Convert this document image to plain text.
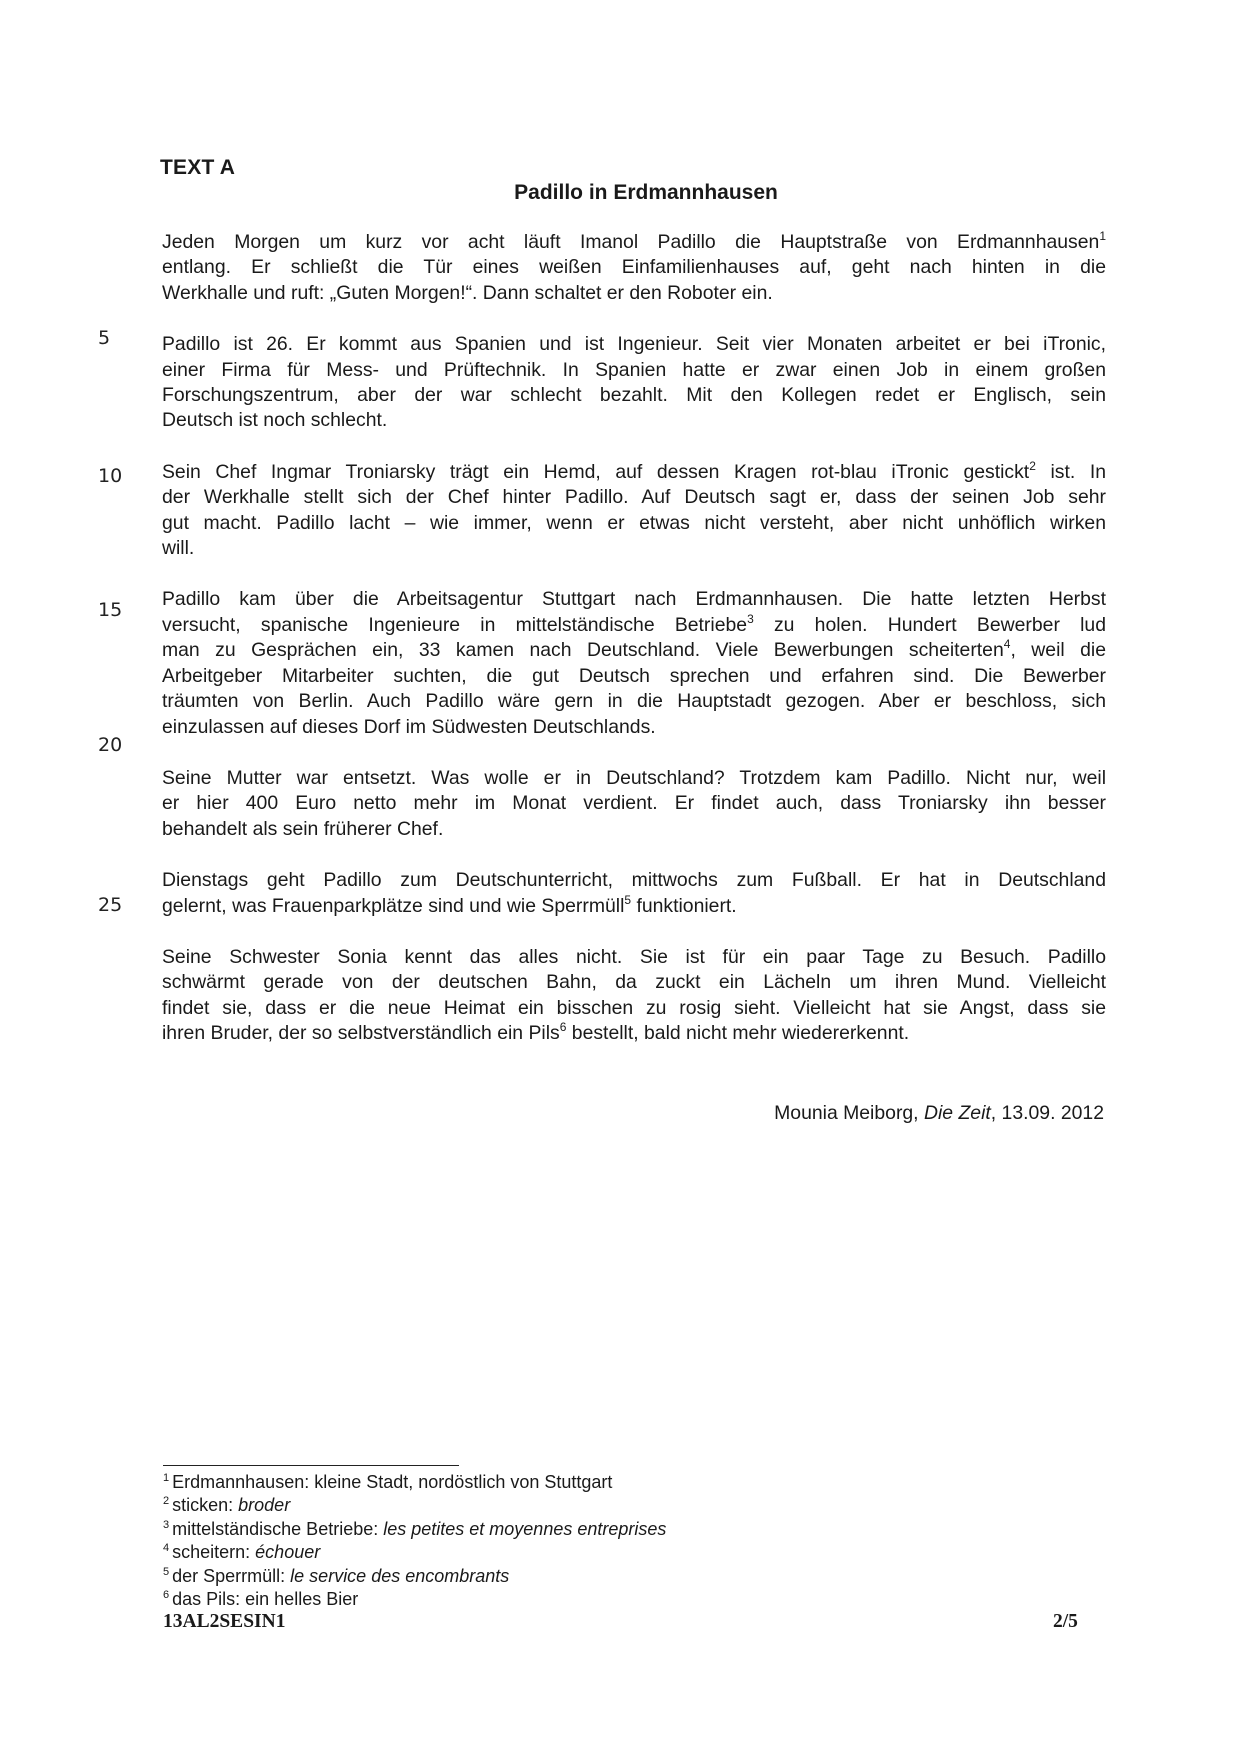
TEXT A
Padillo in Erdmannhausen

Jeden Morgen um kurz vor acht läuft Imanol Padillo die Hauptstraße von Erdmannhausen$^1$
entlang. Er schließt die Tür eines weißen Einfamilienhauses auf, geht nach hinten in die
Werkhalle und ruft: „Guten Morgen!“. Dann schaltet er den Roboter ein.

Padillo ist 26. Er kommt aus Spanien und ist Ingenieur. Seit vier Monaten arbeitet er bei iTronic,
einer Firma für Mess- und Prüftechnik. In Spanien hatte er zwar einen Job in einem großen
Forschungszentrum, aber der war schlecht bezahlt. Mit den Kollegen redet er Englisch, sein
Deutsch ist noch schlecht.

Sein Chef Ingmar Troniarsky trägt ein Hemd, auf dessen Kragen rot-blau iTronic gestickt$^2$ ist. In
der Werkhalle stellt sich der Chef hinter Padillo. Auf Deutsch sagt er, dass der seinen Job sehr
gut macht. Padillo lacht – wie immer, wenn er etwas nicht versteht, aber nicht unhöflich wirken
will.

Padillo kam über die Arbeitsagentur Stuttgart nach Erdmannhausen. Die hatte letzten Herbst
versucht, spanische Ingenieure in mittelständische Betriebe$^3$ zu holen. Hundert Bewerber lud
man zu Gesprächen ein, 33 kamen nach Deutschland. Viele Bewerbungen scheiterten$^4$, weil die
Arbeitgeber Mitarbeiter suchten, die gut Deutsch sprechen und erfahren sind. Die Bewerber
träumten von Berlin. Auch Padillo wäre gern in die Hauptstadt gezogen. Aber er beschloss, sich
einzulassen auf dieses Dorf im Südwesten Deutschlands.

Seine Mutter war entsetzt. Was wolle er in Deutschland? Trotzdem kam Padillo. Nicht nur, weil
er hier 400 Euro netto mehr im Monat verdient. Er findet auch, dass Troniarsky ihn besser
behandelt als sein früherer Chef.

Dienstags geht Padillo zum Deutschunterricht, mittwochs zum Fußball. Er hat in Deutschland
gelernt, was Frauenparkplätze sind und wie Sperrmüll$^5$ funktioniert.

Seine Schwester Sonia kennt das alles nicht. Sie ist für ein paar Tage zu Besuch. Padillo
schwärmt gerade von der deutschen Bahn, da zuckt ein Lächeln um ihren Mund. Vielleicht
findet sie, dass er die neue Heimat ein bisschen zu rosig sieht. Vielleicht hat sie Angst, dass sie
ihren Bruder, der so selbstverständlich ein Pils$^6$ bestellt, bald nicht mehr wiedererkennt.

5
10
15
20
25
Mounia Meiborg, Die Zeit, 13.09. 2012
$^1$ Erdmannhausen: kleine Stadt, nordöstlich von Stuttgart
$^2$ sticken: broder
$^3$ mittelständische Betriebe: les petites et moyennes entreprises
$^4$ scheitern: échouer
$^5$ der Sperrmüll: le service des encombrants
$^6$ das Pils: ein helles Bier
13AL2SESIN1	2/5
